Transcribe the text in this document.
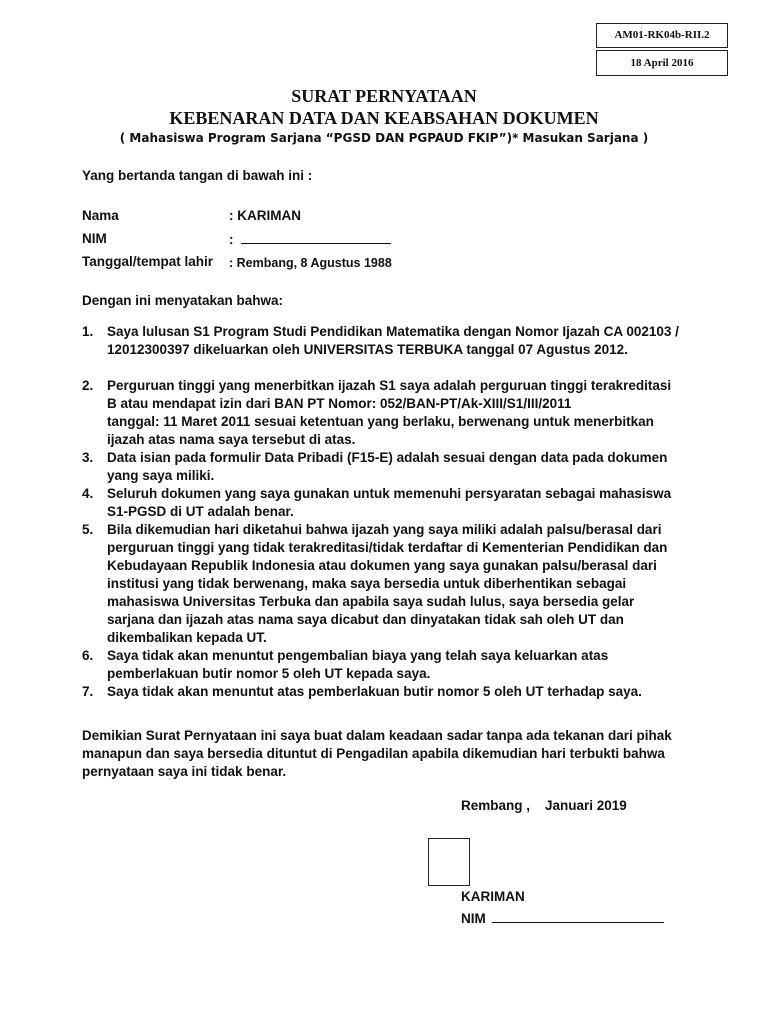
AM01-RK04b-RII.2
18 April 2016
SURAT PERNYATAAN
KEBENARAN DATA DAN KEABSAHAN DOKUMEN
( Mahasiswa Program Sarjana “PGSD DAN PGPAUD FKIP”)* Masukan Sarjana )
Yang bertanda tangan di bawah ini :
Nama	: KARIMAN
NIM	:
Tanggal/tempat lahir : Rembang, 8 Agustus 1988
Dengan ini menyatakan bahwa:
1. Saya lulusan S1 Program Studi Pendidikan Matematika dengan Nomor Ijazah CA 002103 /
12012300397 dikeluarkan oleh UNIVERSITAS TERBUKA tanggal 07 Agustus 2012.
2. Perguruan tinggi yang menerbitkan ijazah S1 saya adalah perguruan tinggi terakreditasi
B atau mendapat izin dari BAN PT Nomor: 052/BAN-PT/Ak-XIII/S1/III/2011
tanggal: 11 Maret 2011 sesuai ketentuan yang berlaku, berwenang untuk menerbitkan
ijazah atas nama saya tersebut di atas.
3. Data isian pada formulir Data Pribadi (F15-E) adalah sesuai dengan data pada dokumen
yang saya miliki.
4. Seluruh dokumen yang saya gunakan untuk memenuhi persyaratan sebagai mahasiswa
S1-PGSD di UT adalah benar.
5. Bila dikemudian hari diketahui bahwa ijazah yang saya miliki adalah palsu/berasal dari
perguruan tinggi yang tidak terakreditasi/tidak terdaftar di Kementerian Pendidikan dan
Kebudayaan Republik Indonesia atau dokumen yang saya gunakan palsu/berasal dari
institusi yang tidak berwenang, maka saya bersedia untuk diberhentikan sebagai
mahasiswa Universitas Terbuka dan apabila saya sudah lulus, saya bersedia gelar
sarjana dan ijazah atas nama saya dicabut dan dinyatakan tidak sah oleh UT dan
dikembalikan kepada UT.
6. Saya tidak akan menuntut pengembalian biaya yang telah saya keluarkan atas
pemberlakuan butir nomor 5 oleh UT kepada saya.
7. Saya tidak akan menuntut atas pemberlakuan butir nomor 5 oleh UT terhadap saya.
Demikian Surat Pernyataan ini saya buat dalam keadaan sadar tanpa ada tekanan dari pihak
manapun dan saya bersedia dituntut di Pengadilan apabila dikemudian hari terbukti bahwa
pernyataan saya ini tidak benar.
Rembang ,    Januari 2019
KARIMAN
NIM
